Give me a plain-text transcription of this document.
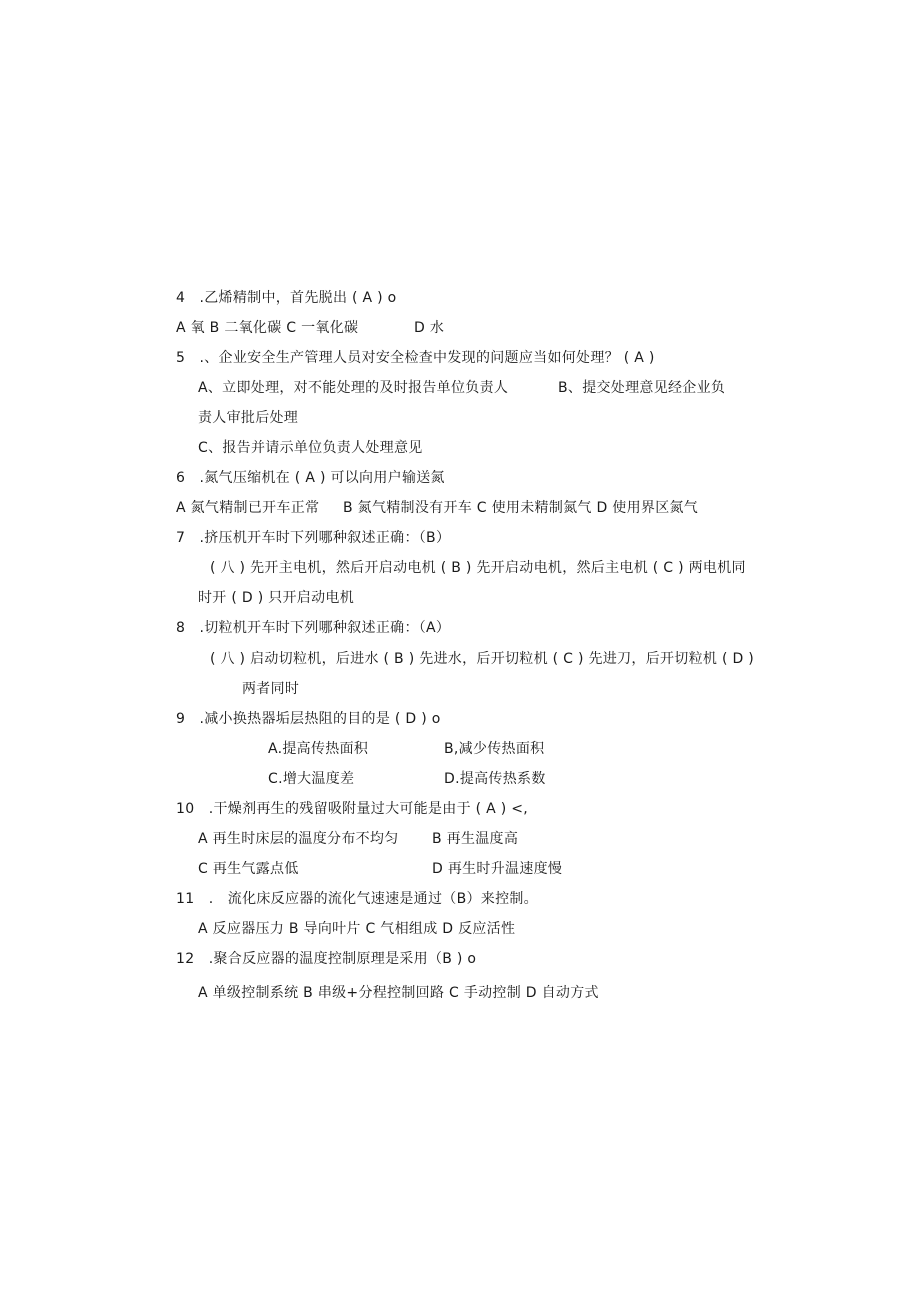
4　.乙烯精制中，首先脱出 ( A ) o
A 氧 B 二氧化碳 C 一氧化碳	D 水
5　.、企业安全生产管理人员对安全检查中发现的问题应当如何处理？ ( A )
A、立即处理，对不能处理的及时报告单位负责人	B、提交处理意见经企业负
责人审批后处理
C、报告并请示单位负责人处理意见
6　.氮气压缩机在 ( A ) 可以向用户输送氮
A 氮气精制已开车正常 B 氮气精制没有开车 C 使用未精制氮气 D 使用界区氮气
7　.挤压机开车时下列哪种叙述正确：（B）
( 八 ) 先开主电机，然后开启动电机 ( B ) 先开启动电机，然后主电机 ( C ) 两电机同
时开 ( D ) 只开启动电机
8　.切粒机开车时下列哪种叙述正确：（A）
( 八 ) 启动切粒机，后进水 ( B ) 先进水，后开切粒机 ( C ) 先进刀，后开切粒机 ( D )
两者同时
9　.减小换热器垢层热阻的目的是 ( D ) o
A.提高传热面积	B,减少传热面积
C.增大温度差	D.提高传热系数
10　.干燥剂再生的残留吸附量过大可能是由于 ( A ) <,
A 再生时床层的温度分布不均匀 B 再生温度高
C 再生气露点低	D 再生时升温速度慢
11　.　流化床反应器的流化气速速是通过（B）来控制。
A 反应器压力 B 导向叶片 C 气相组成 D 反应活性
12　.聚合反应器的温度控制原理是采用（B ) o
A 单级控制系统 B 串级+分程控制回路 C 手动控制 D 自动方式
